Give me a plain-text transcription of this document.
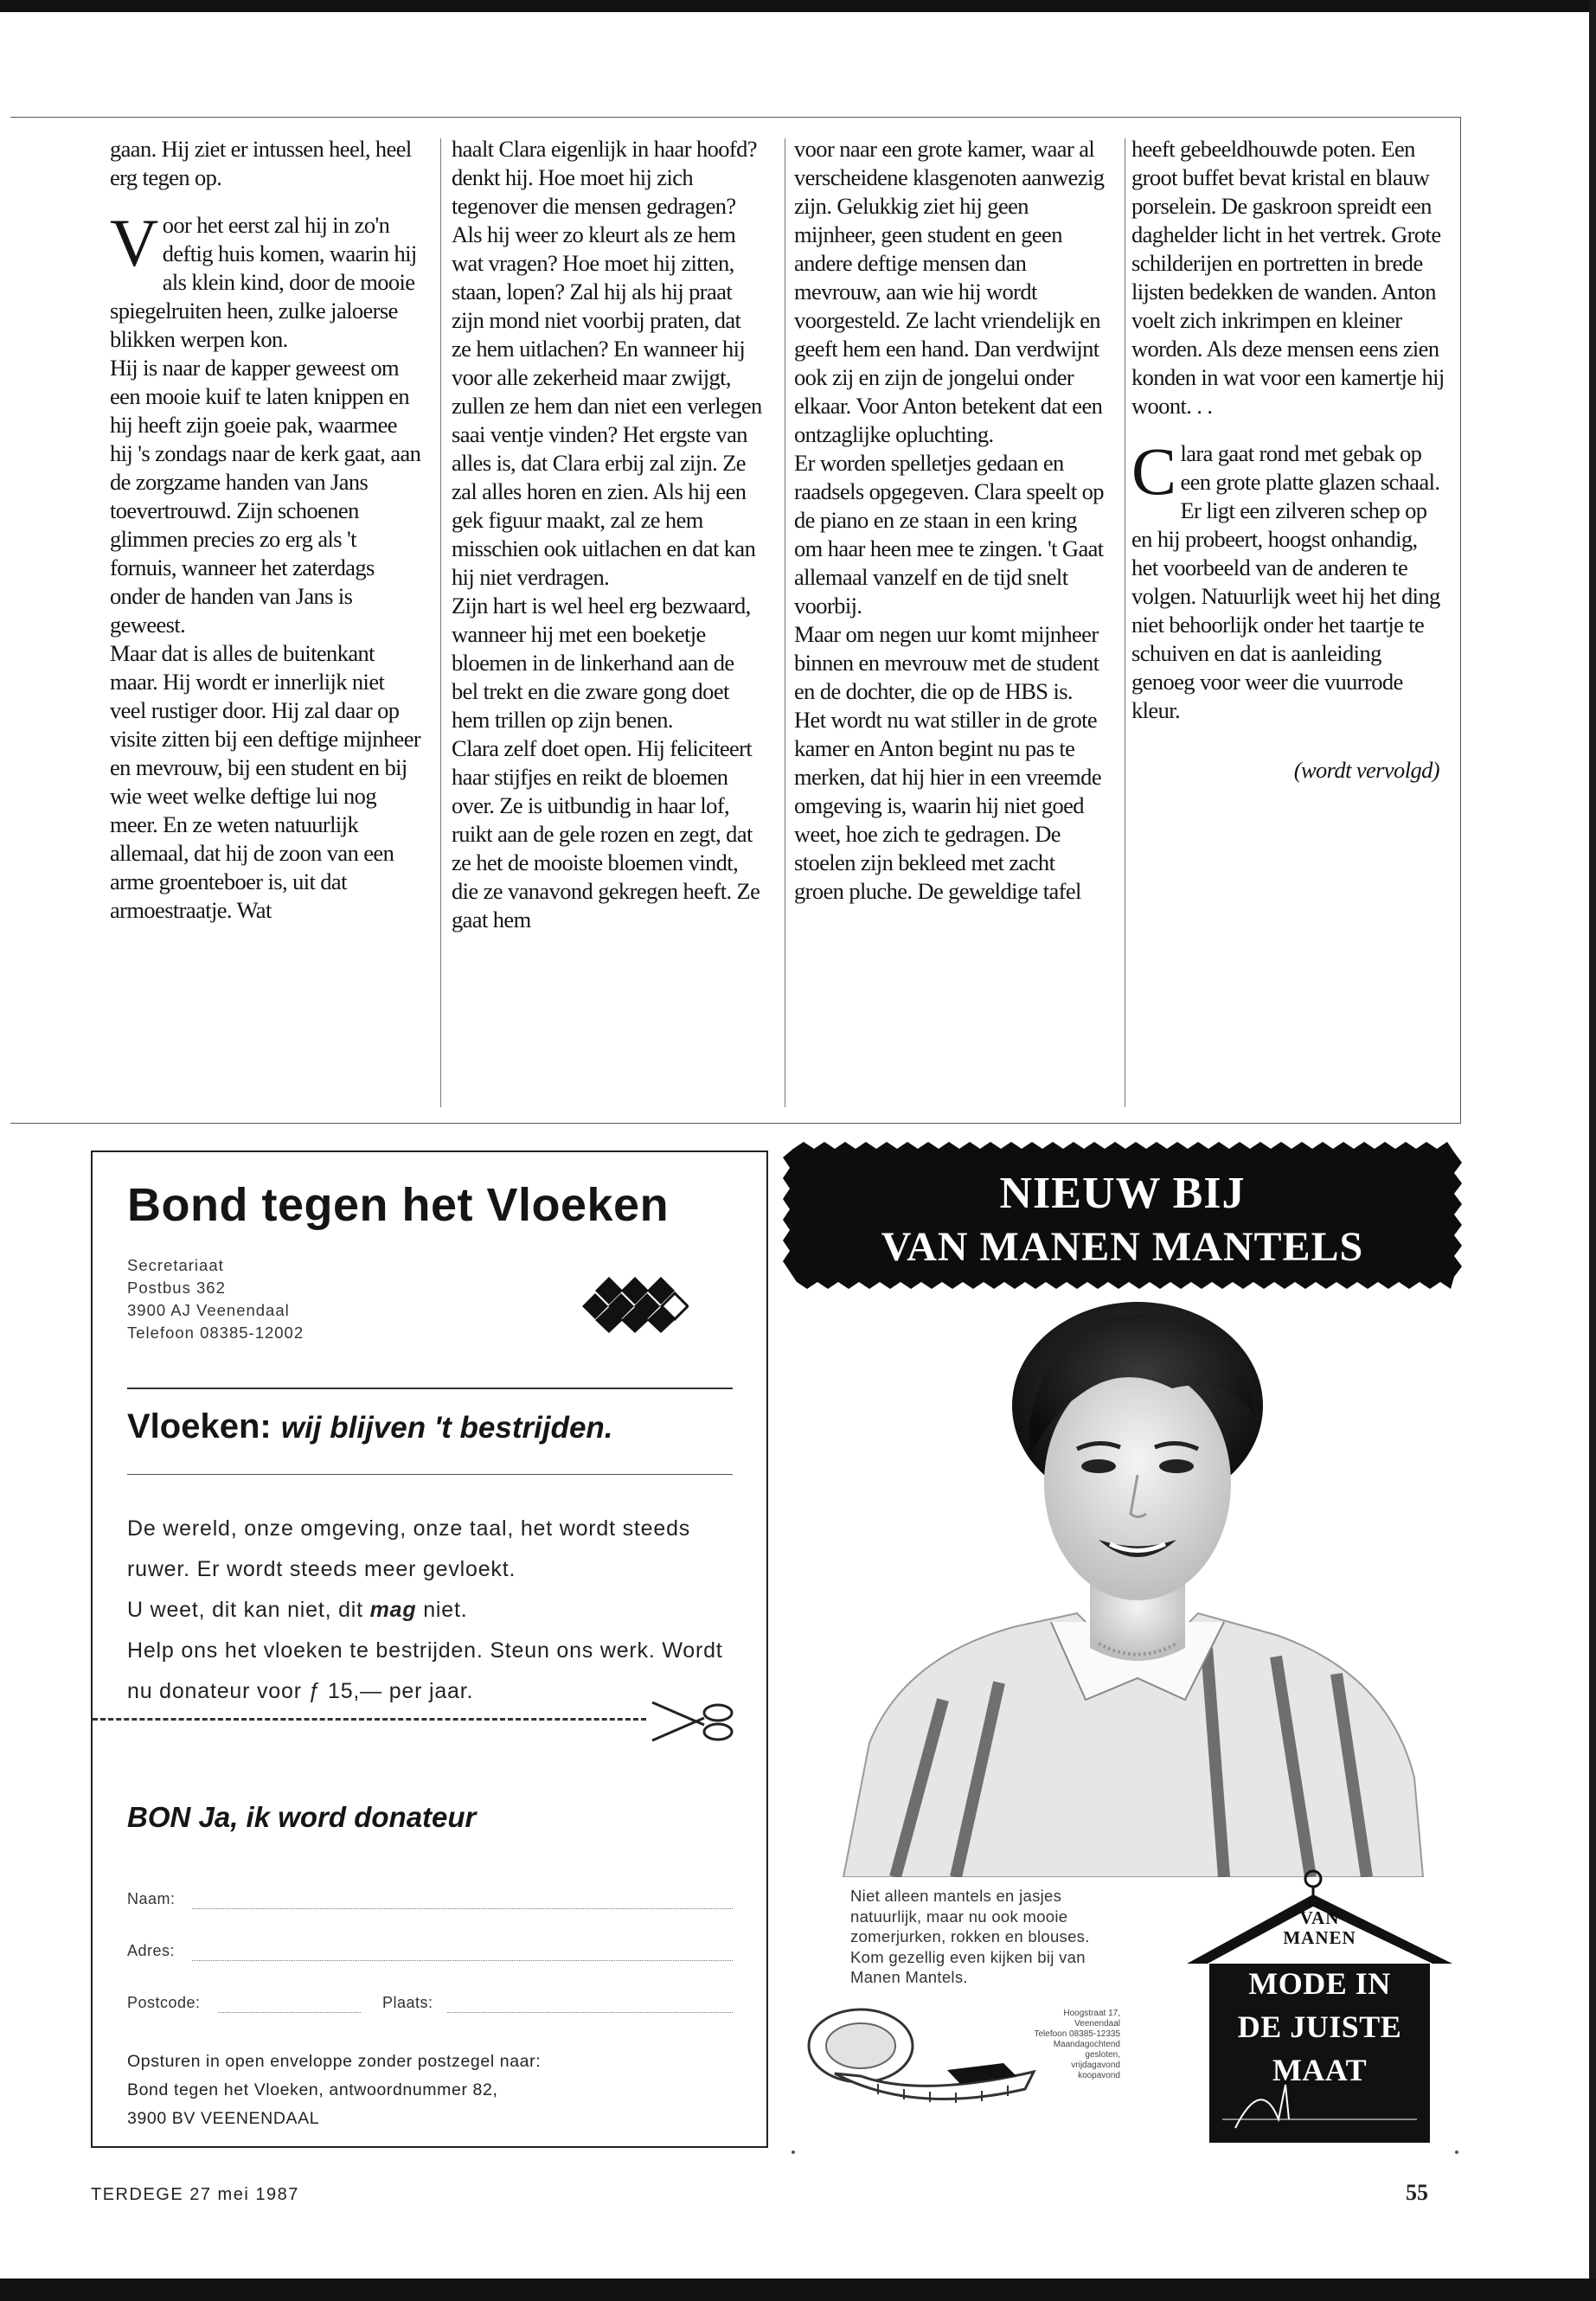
gaan. Hij ziet er intussen heel, heel erg tegen op.

Voor het eerst zal hij in zo'n deftig huis komen, waarin hij als klein kind, door de mooie spiegelruiten heen, zulke jaloerse blikken werpen kon.

Hij is naar de kapper geweest om een mooie kuif te laten knippen en hij heeft zijn goeie pak, waarmee hij 's zondags naar de kerk gaat, aan de zorgzame handen van Jans toevertrouwd. Zijn schoenen glimmen precies zo erg als 't fornuis, wanneer het zaterdags onder de handen van Jans is geweest.

Maar dat is alles de buitenkant maar. Hij wordt er innerlijk niet veel rustiger door. Hij zal daar op visite zitten bij een deftige mijnheer en mevrouw, bij een student en bij wie weet welke deftige lui nog meer. En ze weten natuurlijk allemaal, dat hij de zoon van een arme groenteboer is, uit dat armoestraatje. Wat

haalt Clara eigenlijk in haar hoofd? denkt hij. Hoe moet hij zich tegenover die mensen gedragen? Als hij weer zo kleurt als ze hem wat vragen? Hoe moet hij zitten, staan, lopen? Zal hij als hij praat zijn mond niet voorbij praten, dat ze hem uitlachen? En wanneer hij voor alle zekerheid maar zwijgt, zullen ze hem dan niet een verlegen saai ventje vinden? Het ergste van alles is, dat Clara erbij zal zijn. Ze zal alles horen en zien. Als hij een gek figuur maakt, zal ze hem misschien ook uitlachen en dat kan hij niet verdragen.

Zijn hart is wel heel erg bezwaard, wanneer hij met een boeketje bloemen in de linkerhand aan de bel trekt en die zware gong doet hem trillen op zijn benen.

Clara zelf doet open. Hij feliciteert haar stijfjes en reikt de bloemen over. Ze is uitbundig in haar lof, ruikt aan de gele rozen en zegt, dat ze het de mooiste bloemen vindt, die ze vanavond gekregen heeft. Ze gaat hem

voor naar een grote kamer, waar al verscheidene klasgenoten aanwezig zijn. Gelukkig ziet hij geen mijnheer, geen student en geen andere deftige mensen dan mevrouw, aan wie hij wordt voorgesteld. Ze lacht vriendelijk en geeft hem een hand. Dan verdwijnt ook zij en zijn de jongelui onder elkaar. Voor Anton betekent dat een ontzaglijke opluchting.

Er worden spelletjes gedaan en raadsels opgegeven. Clara speelt op de piano en ze staan in een kring om haar heen mee te zingen. 't Gaat allemaal vanzelf en de tijd snelt voorbij.

Maar om negen uur komt mijnheer binnen en mevrouw met de student en de dochter, die op de HBS is. Het wordt nu wat stiller in de grote kamer en Anton begint nu pas te merken, dat hij hier in een vreemde omgeving is, waarin hij niet goed weet, hoe zich te gedragen. De stoelen zijn bekleed met zacht groen pluche. De geweldige tafel

heeft gebeeldhouwde poten. Een groot buffet bevat kristal en blauw porselein. De gaskroon spreidt een daghelder licht in het vertrek. Grote schilderijen en portretten in brede lijsten bedekken de wanden. Anton voelt zich inkrimpen en kleiner worden. Als deze mensen eens zien konden in wat voor een kamertje hij woont. . .

Clara gaat rond met gebak op een grote platte glazen schaal. Er ligt een zilveren schep op en hij probeert, hoogst onhandig, het voorbeeld van de anderen te volgen. Natuurlijk weet hij het ding niet behoorlijk onder het taartje te schuiven en dat is aanleiding genoeg voor weer die vuurrode kleur.

(wordt vervolgd)

Bond tegen het Vloeken
Secretariaat
Postbus 362
3900 AJ Veenendaal
Telefoon 08385-12002
Vloeken: wij blijven 't bestrijden.

De wereld, onze omgeving, onze taal, het wordt steeds ruwer. Er wordt steeds meer gevloekt.

U weet, dit kan niet, dit mag niet.

Help ons het vloeken te bestrijden. Steun ons werk. Wordt nu donateur voor ƒ 15,— per jaar.

BON Ja, ik word donateur
Naam:
Adres:
Postcode:	Plaats:

Opsturen in open enveloppe zonder postzegel naar:

Bond tegen het Vloeken, antwoordnummer 82,

3900 BV VEENENDAAL

NIEUW BIJ
VAN MANEN MANTELS
Niet alleen mantels en jasjes natuurlijk, maar nu ook mooie zomerjurken, rokken en blouses. Kom gezellig even kijken bij van Manen Mantels.

Hoogstraat 17, Veenendaal

Telefoon 08385-12335

Maandagochtend

gesloten,

vrijdagavond

koopavond

VAN
MANEN
MODE IN
DE JUISTE
MAAT
TERDEGE 27 mei 1987	55
